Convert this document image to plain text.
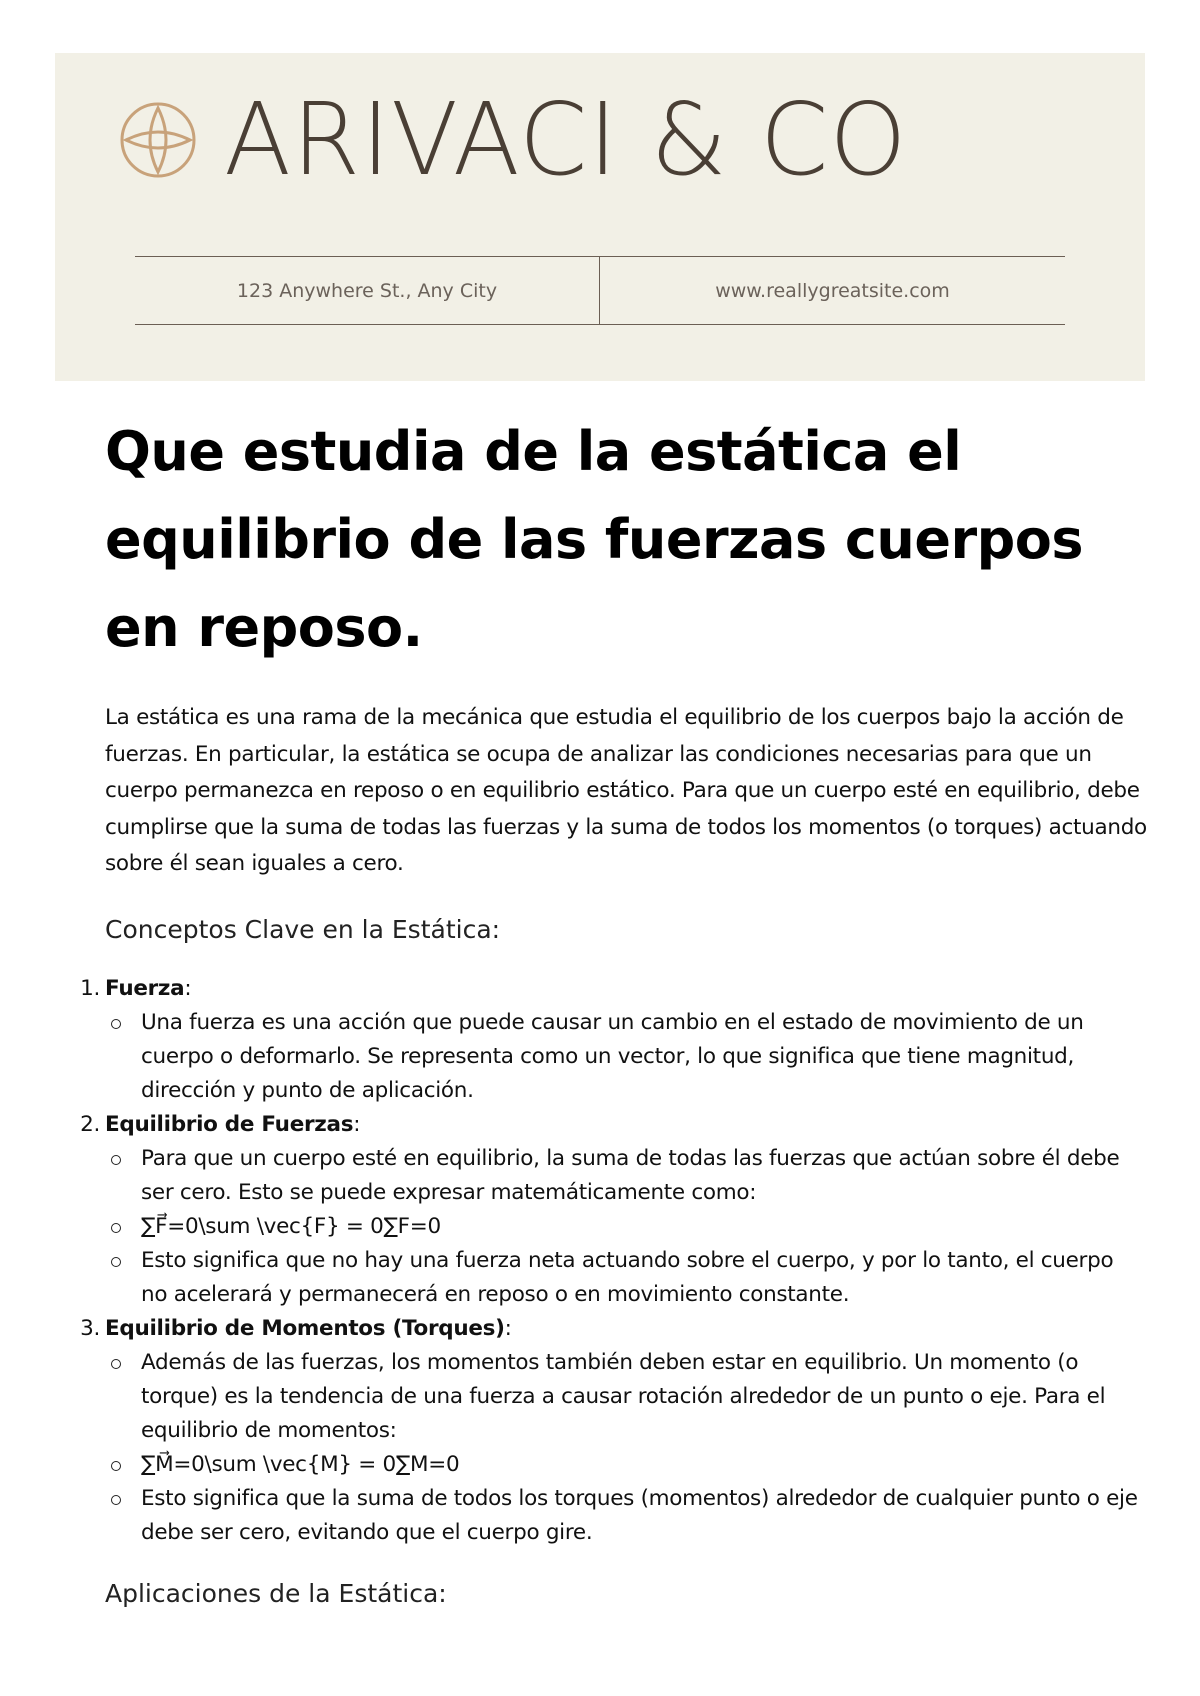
ARIVACI & CO
123 Anywhere St., Any City	www.reallygreatsite.com
Que estudia de la estática el equilibrio de las fuerzas cuerpos en reposo.

La estática es una rama de la mecánica que estudia el equilibrio de los cuerpos bajo la acción de fuerzas. En particular, la estática se ocupa de analizar las condiciones necesarias para que un cuerpo permanezca en reposo o en equilibrio estático. Para que un cuerpo esté en equilibrio, debe cumplirse que la suma de todas las fuerzas y la suma de todos los momentos (o torques) actuando sobre él sean iguales a cero.

Conceptos Clave en la Estática:
1. Fuerza:
Una fuerza es una acción que puede causar un cambio en el estado de movimiento de un cuerpo o deformarlo. Se representa como un vector, lo que significa que tiene magnitud, dirección y punto de aplicación.
2. Equilibrio de Fuerzas:
Para que un cuerpo esté en equilibrio, la suma de todas las fuerzas que actúan sobre él debe ser cero. Esto se puede expresar matemáticamente como:
∑F⃗=0\sum \vec{F} = 0∑F=0
Esto significa que no hay una fuerza neta actuando sobre el cuerpo, y por lo tanto, el cuerpo no acelerará y permanecerá en reposo o en movimiento constante.
3. Equilibrio de Momentos (Torques):
Además de las fuerzas, los momentos también deben estar en equilibrio. Un momento (o torque) es la tendencia de una fuerza a causar rotación alrededor de un punto o eje. Para el equilibrio de momentos:
∑M⃗=0\sum \vec{M} = 0∑M=0
Esto significa que la suma de todos los torques (momentos) alrededor de cualquier punto o eje debe ser cero, evitando que el cuerpo gire.
Aplicaciones de la Estática:
